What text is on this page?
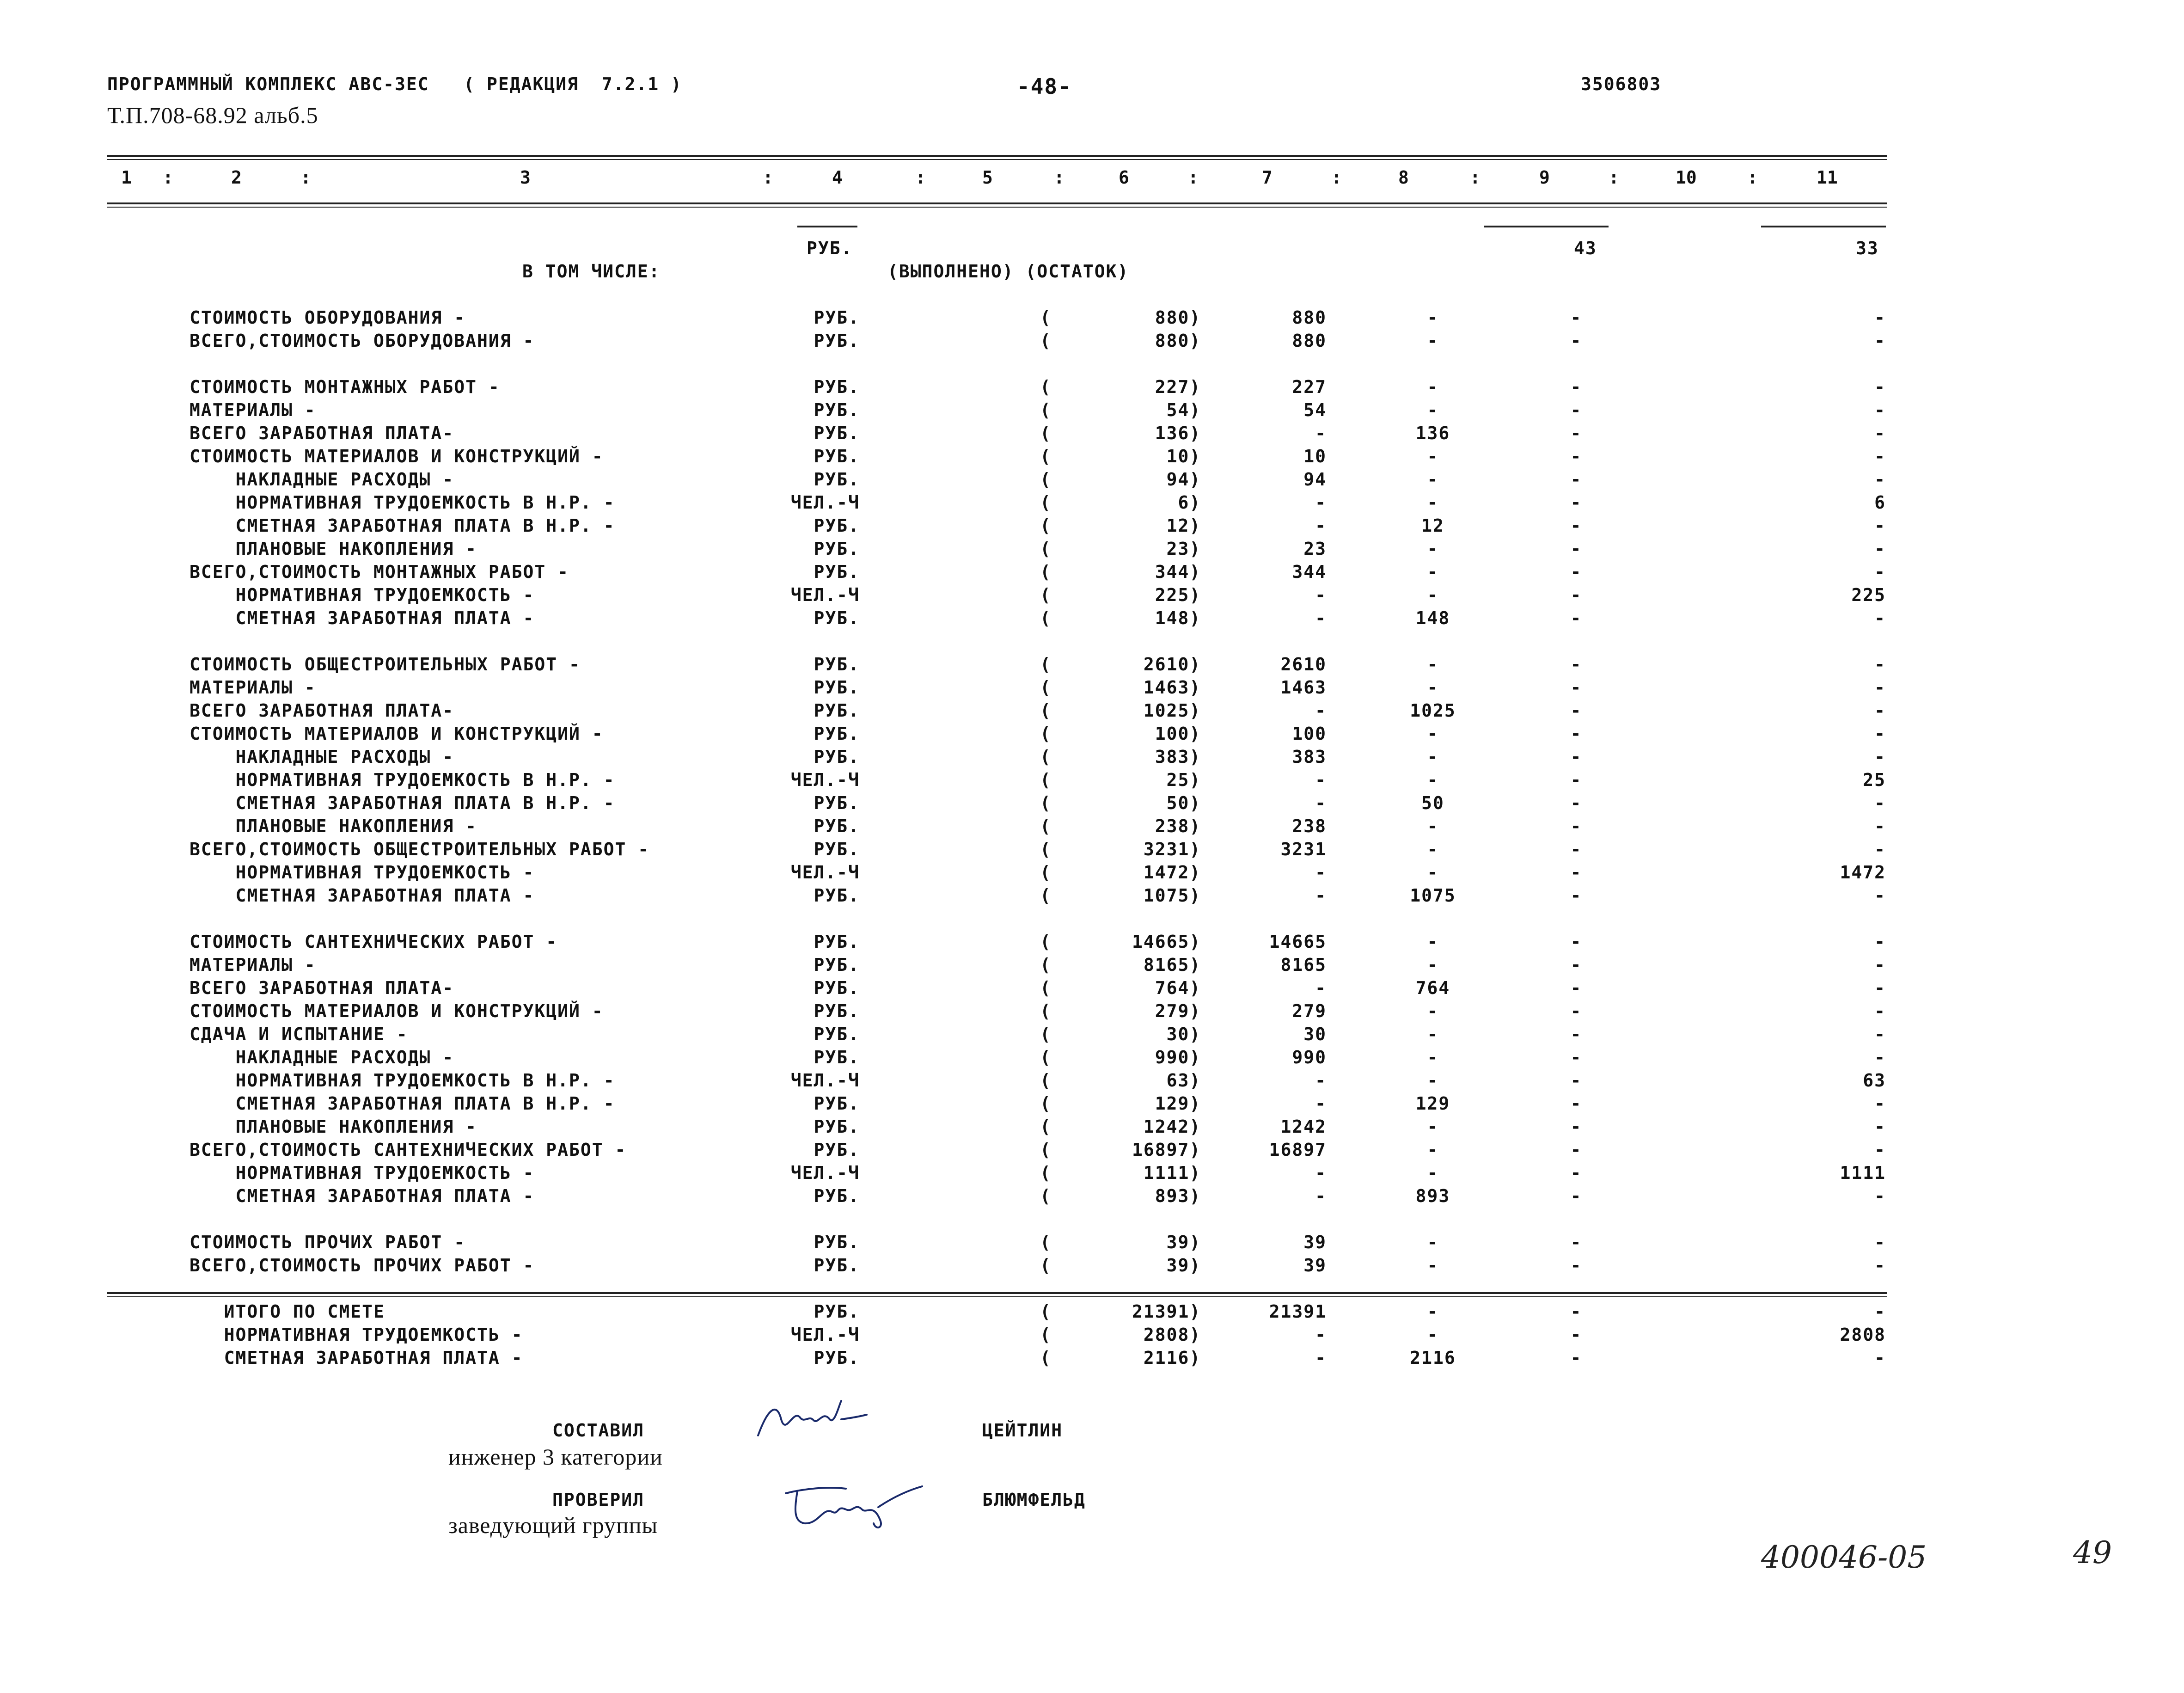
ПРОГРАММНЫЙ КОМПЛЕКС АВС-ЗЕС   ( РЕДАКЦИЯ  7.2.1 )	-48-	3506803
Т.П.708-68.92 альб.5
1 :	2	:	3	:	4	:	5	:	6	:	7	:	8	:	9	:	10	:	11
РУБ.	43	33
В ТОМ ЧИСЛЕ:	(ВЫПОЛНЕНО) (ОСТАТОК)
СТОИМОСТЬ ОБОРУДОВАНИЯ -	РУБ.	(         880)	880	-	-	-
ВСЕГО,СТОИМОСТЬ ОБОРУДОВАНИЯ -	РУБ.	(         880)	880	-	-	-
СТОИМОСТЬ МОНТАЖНЫХ РАБОТ -	РУБ.	(         227)	227	-	-	-
МАТЕРИАЛЫ -	РУБ.	(          54)	54	-	-	-
ВСЕГО ЗАРАБОТНАЯ ПЛАТА-	РУБ.	(         136)	-	136	-	-
СТОИМОСТЬ МАТЕРИАЛОВ И КОНСТРУКЦИЙ -	РУБ.	(          10)	10	-	-	-
НАКЛАДНЫЕ РАСХОДЫ -	РУБ.	(          94)	94	-	-	-
НОРМАТИВНАЯ ТРУДОЕМКОСТЬ В Н.Р. -	ЧЕЛ.-Ч	(           6)	-	-	-	6
СМЕТНАЯ ЗАРАБОТНАЯ ПЛАТА В Н.Р. -	РУБ.	(          12)	-	12	-	-
ПЛАНОВЫЕ НАКОПЛЕНИЯ -	РУБ.	(          23)	23	-	-	-
ВСЕГО,СТОИМОСТЬ МОНТАЖНЫХ РАБОТ -	РУБ.	(         344)	344	-	-	-
НОРМАТИВНАЯ ТРУДОЕМКОСТЬ -	ЧЕЛ.-Ч	(         225)	-	-	-	225
СМЕТНАЯ ЗАРАБОТНАЯ ПЛАТА -	РУБ.	(         148)	-	148	-	-
СТОИМОСТЬ ОБЩЕСТРОИТЕЛЬНЫХ РАБОТ -	РУБ.	(        2610)	2610	-	-	-
МАТЕРИАЛЫ -	РУБ.	(        1463)	1463	-	-	-
ВСЕГО ЗАРАБОТНАЯ ПЛАТА-	РУБ.	(        1025)	-	1025	-	-
СТОИМОСТЬ МАТЕРИАЛОВ И КОНСТРУКЦИЙ -	РУБ.	(         100)	100	-	-	-
НАКЛАДНЫЕ РАСХОДЫ -	РУБ.	(         383)	383	-	-	-
НОРМАТИВНАЯ ТРУДОЕМКОСТЬ В Н.Р. -	ЧЕЛ.-Ч	(          25)	-	-	-	25
СМЕТНАЯ ЗАРАБОТНАЯ ПЛАТА В Н.Р. -	РУБ.	(          50)	-	50	-	-
ПЛАНОВЫЕ НАКОПЛЕНИЯ -	РУБ.	(         238)	238	-	-	-
ВСЕГО,СТОИМОСТЬ ОБЩЕСТРОИТЕЛЬНЫХ РАБОТ -	РУБ.	(        3231)	3231	-	-	-
НОРМАТИВНАЯ ТРУДОЕМКОСТЬ -	ЧЕЛ.-Ч	(        1472)	-	-	-	1472
СМЕТНАЯ ЗАРАБОТНАЯ ПЛАТА -	РУБ.	(        1075)	-	1075	-	-
СТОИМОСТЬ САНТЕХНИЧЕСКИХ РАБОТ -	РУБ.	(       14665)	14665	-	-	-
МАТЕРИАЛЫ -	РУБ.	(        8165)	8165	-	-	-
ВСЕГО ЗАРАБОТНАЯ ПЛАТА-	РУБ.	(         764)	-	764	-	-
СТОИМОСТЬ МАТЕРИАЛОВ И КОНСТРУКЦИЙ -	РУБ.	(         279)	279	-	-	-
СДАЧА И ИСПЫТАНИЕ -	РУБ.	(          30)	30	-	-	-
НАКЛАДНЫЕ РАСХОДЫ -	РУБ.	(         990)	990	-	-	-
НОРМАТИВНАЯ ТРУДОЕМКОСТЬ В Н.Р. -	ЧЕЛ.-Ч	(          63)	-	-	-	63
СМЕТНАЯ ЗАРАБОТНАЯ ПЛАТА В Н.Р. -	РУБ.	(         129)	-	129	-	-
ПЛАНОВЫЕ НАКОПЛЕНИЯ -	РУБ.	(        1242)	1242	-	-	-
ВСЕГО,СТОИМОСТЬ САНТЕХНИЧЕСКИХ РАБОТ -	РУБ.	(       16897)	16897	-	-	-
НОРМАТИВНАЯ ТРУДОЕМКОСТЬ -	ЧЕЛ.-Ч	(        1111)	-	-	-	1111
СМЕТНАЯ ЗАРАБОТНАЯ ПЛАТА -	РУБ.	(         893)	-	893	-	-
СТОИМОСТЬ ПРОЧИХ РАБОТ -	РУБ.	(          39)	39	-	-	-
ВСЕГО,СТОИМОСТЬ ПРОЧИХ РАБОТ -	РУБ.	(          39)	39	-	-	-
ИТОГО ПО СМЕТЕ	РУБ.	(       21391)	21391	-	-	-
НОРМАТИВНАЯ ТРУДОЕМКОСТЬ -	ЧЕЛ.-Ч	(        2808)	-	-	-	2808
СМЕТНАЯ ЗАРАБОТНАЯ ПЛАТА -	РУБ.	(        2116)	-	2116	-	-
СОСТАВИЛ
инженер 3 категории
ЦЕЙТЛИН
ПРОВЕРИЛ
заведующий группы
БЛЮМФЕЛЬД
400046-05	49
